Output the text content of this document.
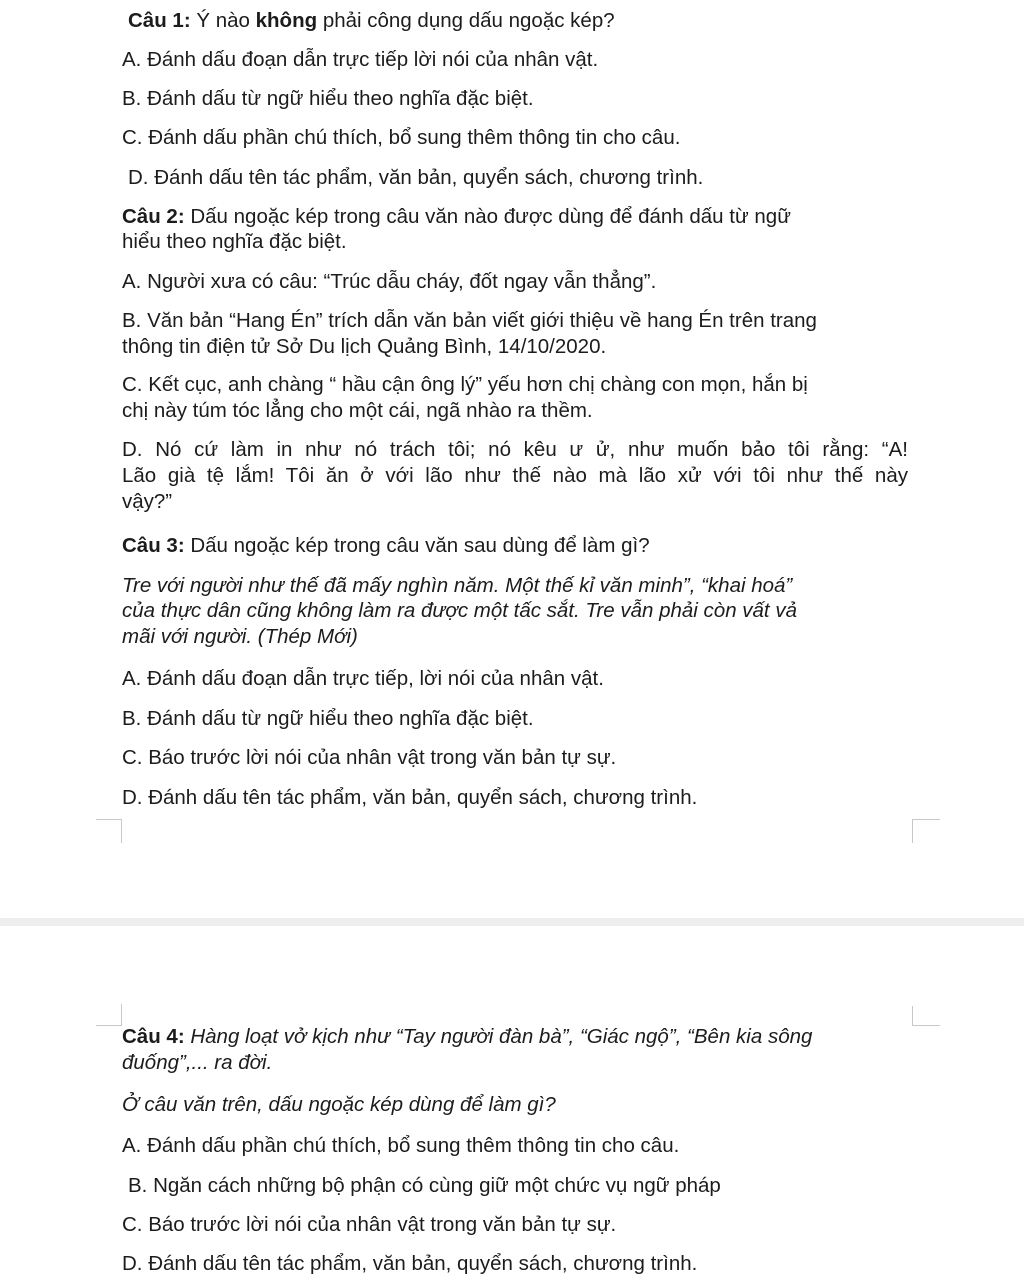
Câu 1: Ý nào không phải công dụng dấu ngoặc kép?
A. Đánh dấu đoạn dẫn trực tiếp lời nói của nhân vật.
B. Đánh dấu từ ngữ hiểu theo nghĩa đặc biệt.
C. Đánh dấu phần chú thích, bổ sung thêm thông tin cho câu.
D. Đánh dấu tên tác phẩm, văn bản, quyển sách, chương trình.
Câu 2: Dấu ngoặc kép trong câu văn nào được dùng để đánh dấu từ ngữ
hiểu theo nghĩa đặc biệt.
A. Người xưa có câu: “Trúc dẫu cháy, đốt ngay vẫn thẳng”.
B. Văn bản “Hang Én” trích dẫn văn bản viết giới thiệu về hang Én trên trang
thông tin điện tử Sở Du lịch Quảng Bình, 14/10/2020.
C. Kết cục, anh chàng “ hầu cận ông lý” yếu hơn chị chàng con mọn, hắn bị
chị này túm tóc lẳng cho một cái, ngã nhào ra thềm.
D. Nó cứ làm in như nó trách tôi; nó kêu ư ử, như muốn bảo tôi rằng: “A!
Lão già tệ lắm! Tôi ăn ở với lão như thế nào mà lão xử với tôi như thế này
vậy?”
Câu 3: Dấu ngoặc kép trong câu văn sau dùng để làm gì?
Tre với người như thế đã mấy nghìn năm. Một thế kỉ văn minh”, “khai hoá”
của thực dân cũng không làm ra được một tấc sắt. Tre vẫn phải còn vất vả
mãi với người. (Thép Mới)
A. Đánh dấu đoạn dẫn trực tiếp, lời nói của nhân vật.
B. Đánh dấu từ ngữ hiểu theo nghĩa đặc biệt.
C. Báo trước lời nói của nhân vật trong văn bản tự sự.
D. Đánh dấu tên tác phẩm, văn bản, quyển sách, chương trình.
Câu 4: Hàng loạt vở kịch như “Tay người đàn bà”, “Giác ngộ”, “Bên kia sông
đuống”,... ra đời.
Ở câu văn trên, dấu ngoặc kép dùng để làm gì?
A. Đánh dấu phần chú thích, bổ sung thêm thông tin cho câu.
B. Ngăn cách những bộ phận có cùng giữ một chức vụ ngữ pháp
C. Báo trước lời nói của nhân vật trong văn bản tự sự.
D. Đánh dấu tên tác phẩm, văn bản, quyển sách, chương trình.
